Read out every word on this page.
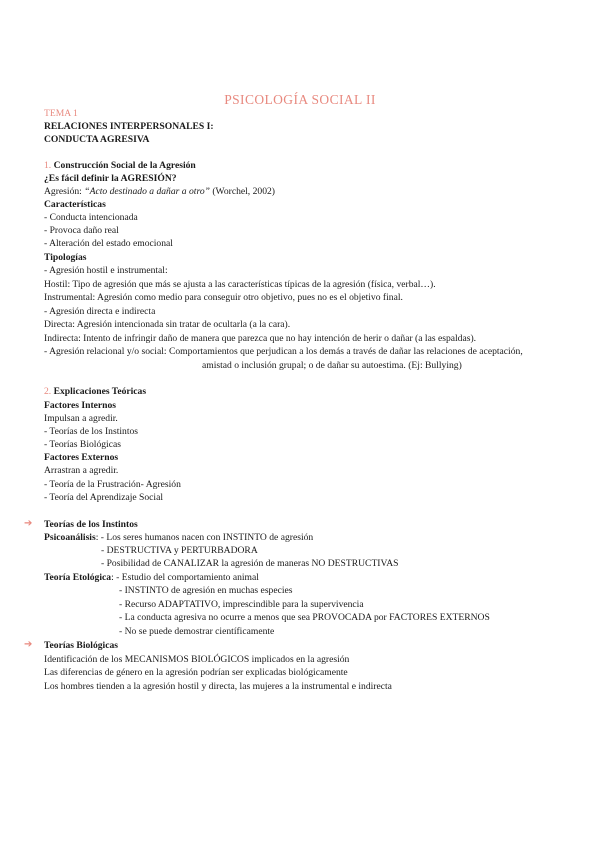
PSICOLOGÍA SOCIAL II
TEMA 1
RELACIONES INTERPERSONALES I:
CONDUCTA AGRESIVA
1. Construcción Social de la Agresión
¿Es fácil definir la AGRESIÓN?
Agresión: “Acto destinado a dañar a otro” (Worchel, 2002)
Características
- Conducta intencionada
- Provoca daño real
- Alteración del estado emocional
Tipologías
- Agresión hostil e instrumental:
Hostil: Tipo de agresión que más se ajusta a las características típicas de la agresión (física, verbal…).
Instrumental: Agresión como medio para conseguir otro objetivo, pues no es el objetivo final.
- Agresión directa e indirecta
Directa: Agresión intencionada sin tratar de ocultarla (a la cara).
Indirecta: Intento de infringir daño de manera que parezca que no hay intención de herir o dañar (a las espaldas).
- Agresión relacional y/o social: Comportamientos que perjudican a los demás a través de dañar las relaciones de aceptación,
amistad o inclusión grupal; o de dañar su autoestima. (Ej: Bullying)
2. Explicaciones Teóricas
Factores Internos
Impulsan a agredir.
- Teorías de los Instintos
- Teorías Biológicas
Factores Externos
Arrastran a agredir.
- Teoría de la Frustración- Agresión
- Teoría del Aprendizaje Social
➔ Teorías de los Instintos
Psicoanálisis: - Los seres humanos nacen con INSTINTO de agresión
- DESTRUCTIVA y PERTURBADORA
- Posibilidad de CANALIZAR la agresión de maneras NO DESTRUCTIVAS
Teoría Etológica: - Estudio del comportamiento animal
- INSTINTO de agresión en muchas especies
- Recurso ADAPTATIVO, imprescindible para la supervivencia
- La conducta agresiva no ocurre a menos que sea PROVOCADA por FACTORES EXTERNOS
- No se puede demostrar científicamente
➔ Teorías Biológicas
Identificación de los MECANISMOS BIOLÓGICOS implicados en la agresión
Las diferencias de género en la agresión podrían ser explicadas biológicamente
Los hombres tienden a la agresión hostil y directa, las mujeres a la instrumental e indirecta
